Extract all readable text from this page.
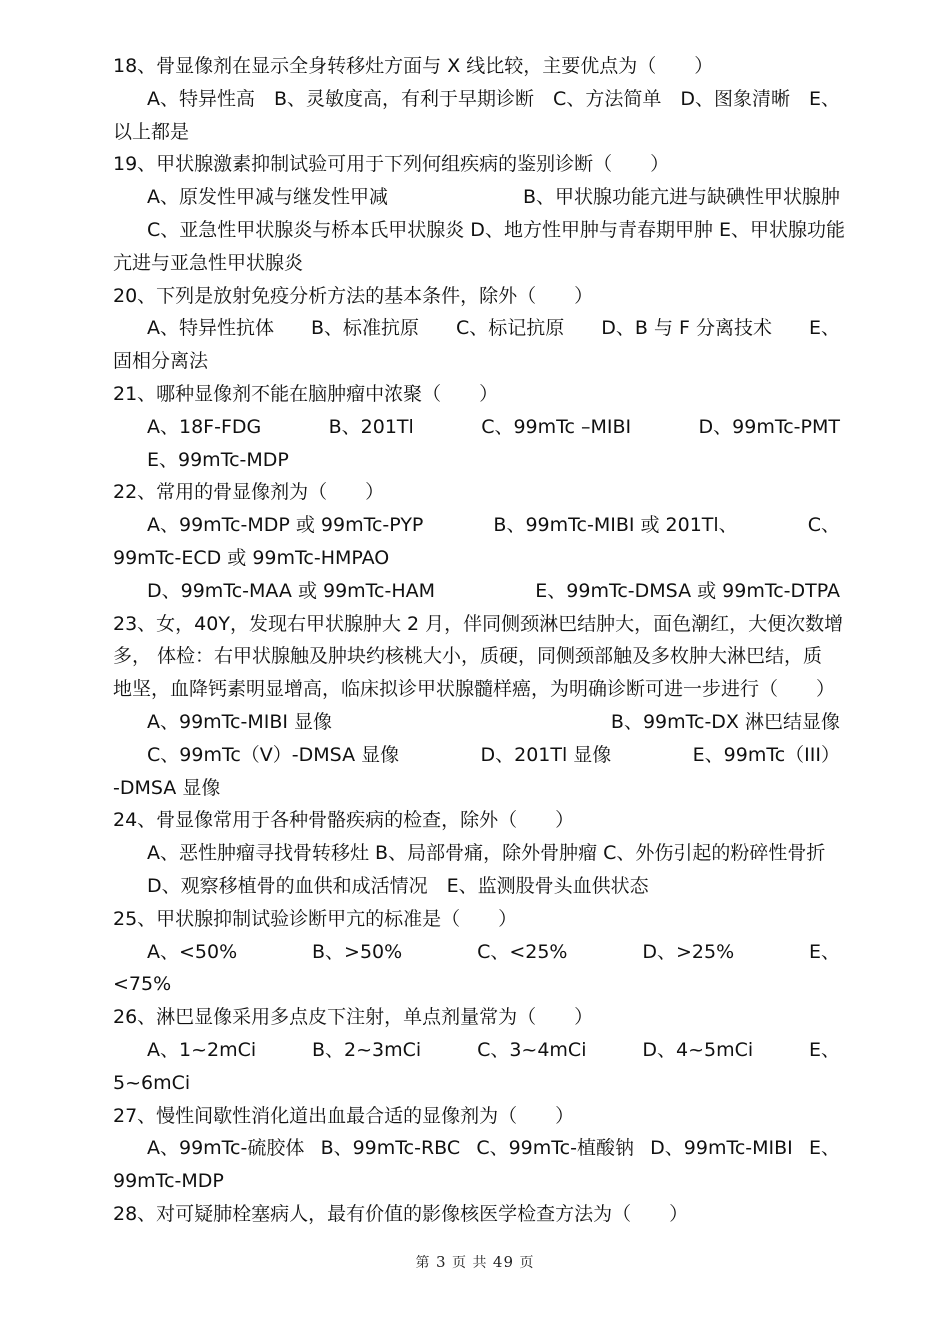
18、骨显像剂在显示全身转移灶方面与 X 线比较，主要优点为（　　）
A、特异性高 B、灵敏度高，有利于早期诊断 C、方法简单 D、图象清晰 E、
以上都是
19、甲状腺激素抑制试验可用于下列何组疾病的鉴别诊断（　　）
A、原发性甲减与继发性甲减	B、甲状腺功能亢进与缺碘性甲状腺肿
C、亚急性甲状腺炎与桥本氏甲状腺炎 D、地方性甲肿与青春期甲肿 E、甲状腺功能
亢进与亚急性甲状腺炎
20、下列是放射免疫分析方法的基本条件，除外（　　）
A、特异性抗体 B、标准抗原 C、标记抗原 D、B 与 F 分离技术 E、
固相分离法
21、哪种显像剂不能在脑肿瘤中浓聚（　　）
A、18F-FDG	B、201Tl	C、99mTc –MIBI	D、99mTc-PMT
E、99mTc-MDP
22、常用的骨显像剂为（　　）
A、99mTc-MDP 或 99mTc-PYP	B、99mTc-MIBI 或 201Tl、	C、
99mTc-ECD 或 99mTc-HMPAO
D、99mTc-MAA 或 99mTc-HAM	E、99mTc-DMSA 或 99mTc-DTPA
23、女，40Y，发现右甲状腺肿大 2 月，伴同侧颈淋巴结肿大，面色潮红，大便次数增
多， 体检：右甲状腺触及肿块约核桃大小，质硬，同侧颈部触及多枚肿大淋巴结，质
地坚，血降钙素明显增高，临床拟诊甲状腺髓样癌，为明确诊断可进一步进行（　　）
A、99mTc-MIBI 显像	B、99mTc-DX 淋巴结显像
C、99mTc（V）-DMSA 显像	D、201Tl 显像	E、99mTc（III）
-DMSA 显像
24、骨显像常用于各种骨骼疾病的检查，除外（　　）
A、恶性肿瘤寻找骨转移灶 B、局部骨痛，除外骨肿瘤 C、外伤引起的粉碎性骨折
D、观察移植骨的血供和成活情况　E、监测股骨头血供状态
25、甲状腺抑制试验诊断甲亢的标准是（　　）
A、<50%	B、>50%	C、<25%	D、>25%	E、
<75%
26、淋巴显像采用多点皮下注射，单点剂量常为（　　）
A、1~2mCi	B、2~3mCi	C、3~4mCi	D、4~5mCi	E、
5~6mCi
27、慢性间歇性消化道出血最合适的显像剂为（　　）
A、99mTc-硫胶体 B、99mTc-RBC C、99mTc-植酸钠 D、99mTc-MIBI E、
99mTc-MDP
28、对可疑肺栓塞病人，最有价值的影像核医学检查方法为（　　）
第 3 页 共 49 页
